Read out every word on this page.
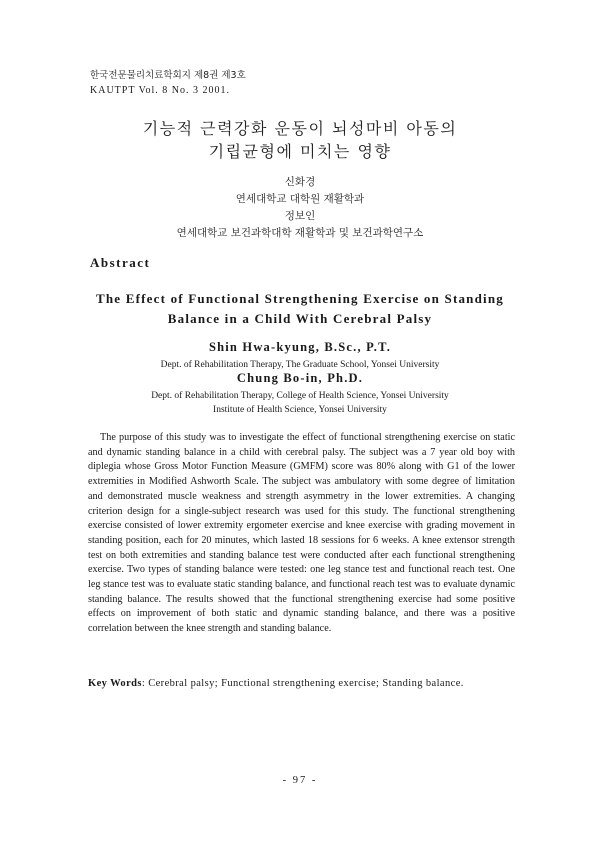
한국전문물리치료학회지 제8권 제3호
KAUTPT Vol. 8 No. 3 2001.
기능적 근력강화 운동이 뇌성마비 아동의
기립균형에 미치는 영향
신화경
연세대학교 대학원 재활학과
정보인
연세대학교 보건과학대학 재활학과 및 보건과학연구소
Abstract
The Effect of Functional Strengthening Exercise on Standing
Balance in a Child With Cerebral Palsy
Shin Hwa-kyung, B.Sc., P.T.
Dept. of Rehabilitation Therapy, The Graduate School, Yonsei University
Chung Bo-in, Ph.D.
Dept. of Rehabilitation Therapy, College of Health Science, Yonsei University
Institute of Health Science, Yonsei University

The purpose of this study was to investigate the effect of functional strengthening exercise on static and dynamic standing balance in a child with cerebral palsy. The subject was a 7 year old boy with diplegia whose Gross Motor Function Measure (GMFM) score was 80% along with G1 of the lower extremities in Modified Ashworth Scale. The subject was ambulatory with some degree of limitation and demonstrated muscle weakness and strength asymmetry in the lower extremities. A changing criterion design for a single-subject research was used for this study. The functional strengthening exercise consisted of lower extremity ergometer exercise and knee exercise with grading movement in standing position, each for 20 minutes, which lasted 18 sessions for 6 weeks. A knee extensor strength test on both extremities and standing balance test were conducted after each functional strengthening exercise. Two types of standing balance were tested: one leg stance test and functional reach test. One leg stance test was to evaluate static standing balance, and functional reach test was to evaluate dynamic standing balance. The results showed that the functional strengthening exercise had some positive effects on improvement of both static and dynamic standing balance, and there was a positive correlation between the knee strength and standing balance.

Key Words: Cerebral palsy; Functional strengthening exercise; Standing balance.
- 97 -
